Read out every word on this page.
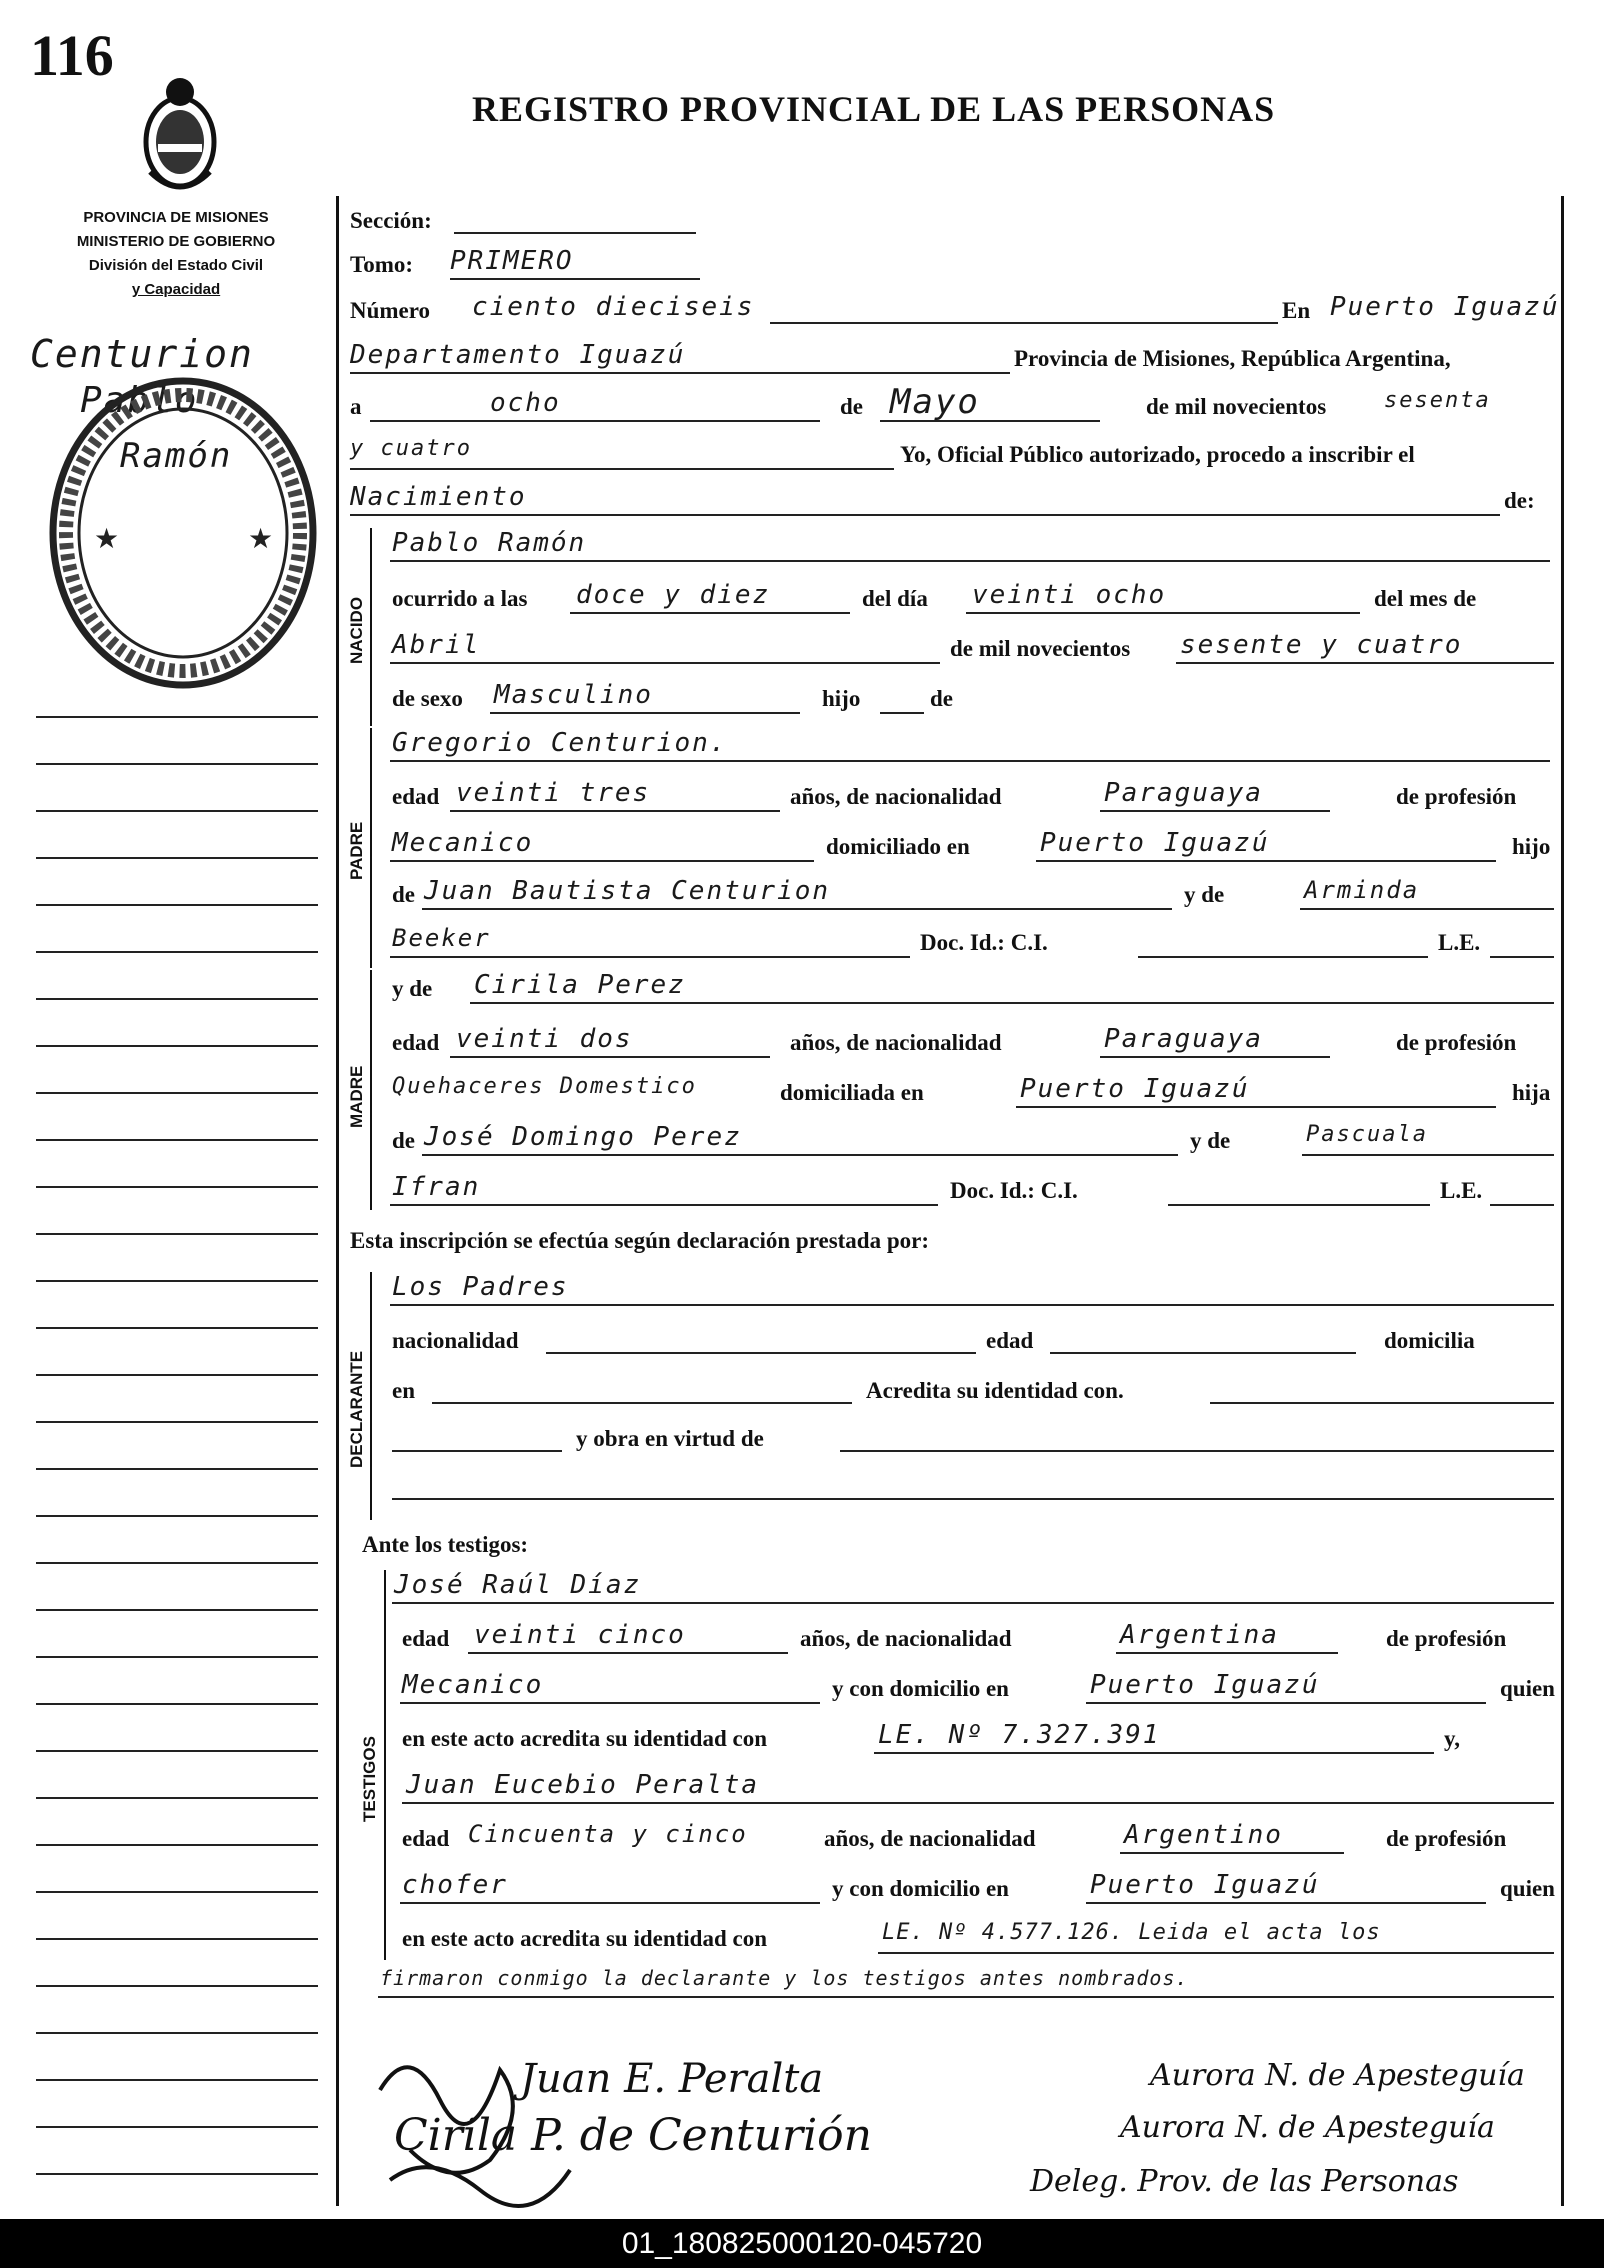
116
REGISTRO PROVINCIAL DE LAS PERSONAS
PROVINCIA DE MISIONES
MINISTERIO DE GOBIERNO
División del Estado Civil
y Capacidad
Centurion
Pablo
Ramón
★	★
NACIDO
PADRE
MADRE
DECLARANTE
TESTIGOS
Sección:
Tomo: PRIMERO
Número ciento dieciseis	En Puerto Iguazú
Departamento Iguazú	Provincia de Misiones, República Argentina,
a	ocho	de Mayo	de mil novecientos	sesenta
y cuatro	Yo, Oficial Público autorizado, procedo a inscribir el
Nacimiento	de:
Pablo Ramón
ocurrido a las doce y diez	del día veinti ocho	del mes de
Abril	de mil novecientos sesente y cuatro
de sexo Masculino	hijo	de
Gregorio Centurion.
edad veinti tres	años, de nacionalidad	Paraguaya	de profesión
Mecanico	domiciliado en	Puerto Iguazú	hijo
de Juan Bautista Centurion	y de	Arminda
Beeker	Doc. Id.: C.I.	L.E.
y de Cirila Perez
edad veinti dos	años, de nacionalidad	Paraguaya	de profesión
Quehaceres Domestico	domiciliada en	Puerto Iguazú	hija
de José Domingo Perez	y de	Pascuala
Ifran	Doc. Id.: C.I.	L.E.
Esta inscripción se efectúa según declaración prestada por:
Los Padres
nacionalidad	edad	domicilia
en	Acredita su identidad con.
y obra en virtud de
Ante los testigos:
José Raúl Díaz
edad veinti cinco	años, de nacionalidad	Argentina	de profesión
Mecanico	y con domicilio en	Puerto Iguazú	quien
en este acto acredita su identidad con	LE. Nº 7.327.391	y,
Juan Eucebio Peralta
edad Cincuenta y cinco	años, de nacionalidad	Argentino	de profesión
chofer	y con domicilio en	Puerto Iguazú	quien
en este acto acredita su identidad con	LE. Nº 4.577.126. Leida el acta los
firmaron conmigo la declarante y los testigos antes nombrados.
Juan E. Peralta	Aurora N. de Apesteguía
Cirila P. de Centurión	Aurora N. de Apesteguía
Deleg. Prov. de las Personas
01_180825000120-045720
